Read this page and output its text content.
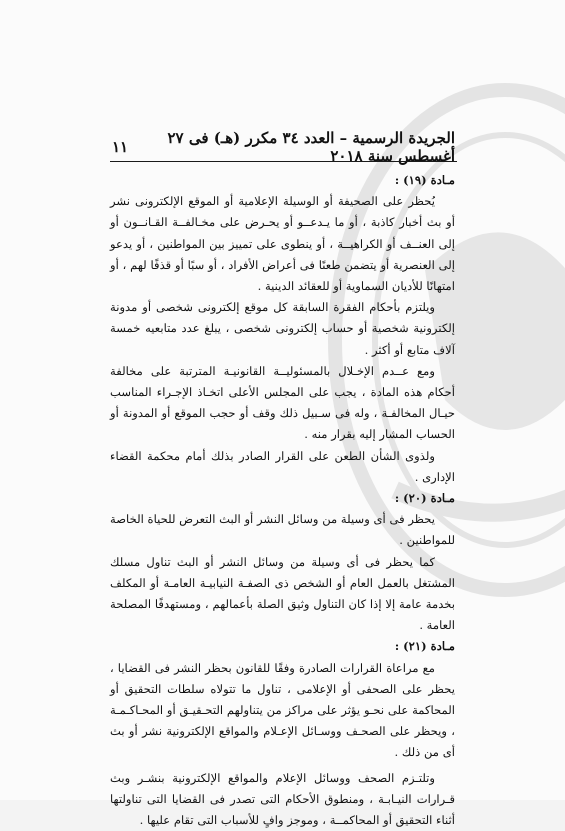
الجريدة الرسمية – العدد ٣٤ مكرر (هـ) فى ٢٧ أغسطس سنة ٢٠١٨
١١

مـادة (١٩) :

يُحظر على الصحيفة أو الوسيلة الإعلامية أو الموقع الإلكترونى نشر أو بث أخبار كاذبة ، أو ما يـدعــو أو يحـرض على مخـالفــة القـانــون أو إلى العنــف أو الكراهيــة ، أو ينطوى على تمييز بين المواطنين ، أو يدعو إلى العنصرية أو يتضمن طعنًا فى أعراض الأفراد ، أو سبًا أو قذفًا لهم ، أو امتهانًا للأديان السماوية أو للعقائد الدينية .

ويلتزم بأحكام الفقرة السابقة كل موقع إلكترونى شخصى أو مدونة إلكترونية شخصية أو حساب إلكترونى شخصى ، يبلغ عدد متابعيه خمسة آلاف متابع أو أكثر .

ومع عــدم الإخـلال بالمسئوليــة القانونيـة المترتبة على مخالفة أحكام هذه المادة ، يجب على المجلس الأعلى اتخـاذ الإجـراء المناسب حيـال المخالفـة ، وله فى سـبيل ذلك وقف أو حجب الموقع أو المدونة أو الحساب المشار إليه بقرار منه .

ولذوى الشأن الطعن على القرار الصادر بذلك أمام محكمة القضاء الإدارى .

مـادة (٢٠) :

يحظر فى أى وسيلة من وسائل النشر أو البث التعرض للحياة الخاصة للمواطنين .

كما يحظر فى أى وسيلة من وسائل النشر أو البث تناول مسلك المشتغل بالعمل العام أو الشخص ذى الصفـة النيابيـة العامـة أو المكلف بخدمة عامة إلا إذا كان التناول وثيق الصلة بأعمالهم ، ومستهدفًا المصلحة العامة .

مـادة (٢١) :

مع مراعاة القرارات الصادرة وفقًا للقانون بحظر النشر فى القضايا ، يحظر على الصحفى أو الإعلامى ، تناول ما تتولاه سلطات التحقيق أو المحاكمة على نحـو يؤثر على مراكز من يتناولهم التحـقيـق أو المحـاكـمـة ، ويحظر على الصحـف ووسـائل الإعـلام والمواقع الإلكترونية نشر أو بث أى من ذلك .

وتلتـزم الصحف ووسائل الإعلام والمواقع الإلكترونية بنشـر وبث قـرارات النيـابـة ، ومنطوق الأحكام التى تصدر فى القضايا التى تناولتها أثناء التحقيق أو المحاكمــة ، وموجز وافٍ للأسباب التى تقام عليها .
